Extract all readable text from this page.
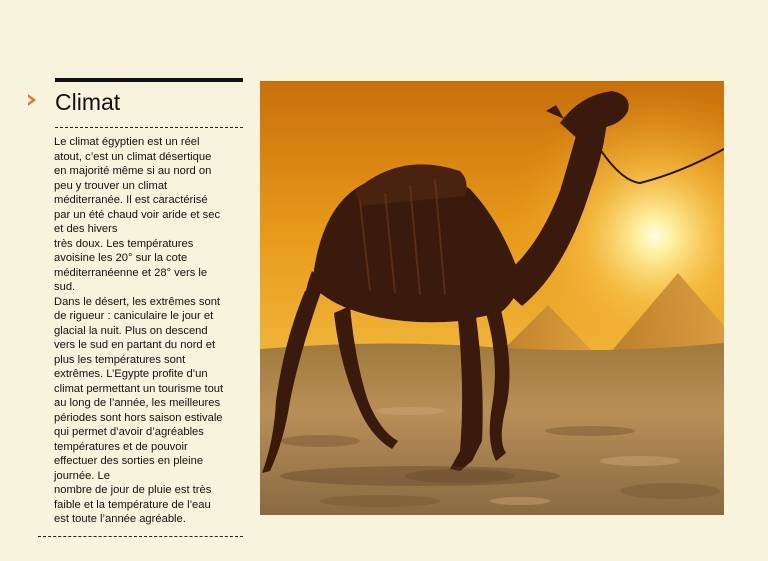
Climat
Le climat égyptien est un réel
atout, c’est un climat désertique
en majorité même si au nord on
peu y trouver un climat
méditerranée. Il est caractérisé
par un été chaud voir aride et sec
et des hivers
très doux. Les températures
avoisine les 20° sur la cote
méditerranéenne et 28° vers le
sud.
Dans le désert, les extrêmes sont
de rigueur : caniculaire le jour et
glacial la nuit. Plus on descend
vers le sud en partant du nord et
plus les températures sont
extrêmes. L’Egypte profite d’un
climat permettant un tourisme tout
au long de l’année, les meilleures
périodes sont hors saison estivale
qui permet d’avoir d’agréables
températures et de pouvoir
effectuer des sorties en pleine
journée. Le
nombre de jour de pluie est très
faible et la température de l’eau
est toute l’année agréable.
